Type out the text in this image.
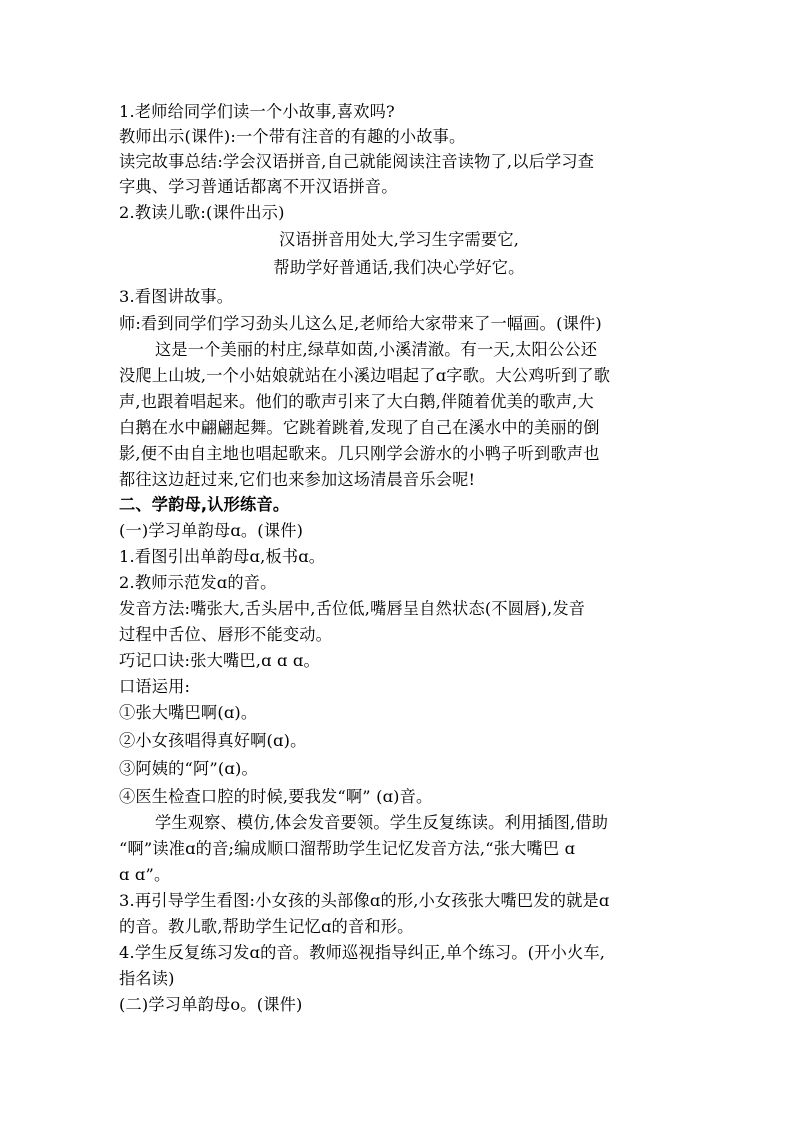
1.老师给同学们读一个小故事,喜欢吗?
教师出示(课件):一个带有注音的有趣的小故事。
读完故事总结:学会汉语拼音,自己就能阅读注音读物了,以后学习查
字典、学习普通话都离不开汉语拼音。
2.教读儿歌:(课件出示)
汉语拼音用处大,学习生字需要它,
帮助学好普通话,我们决心学好它。
3.看图讲故事。
师:看到同学们学习劲头儿这么足,老师给大家带来了一幅画。(课件)
这是一个美丽的村庄,绿草如茵,小溪清澈。有一天,太阳公公还
没爬上山坡,一个小姑娘就站在小溪边唱起了ɑ字歌。大公鸡听到了歌
声,也跟着唱起来。他们的歌声引来了大白鹅,伴随着优美的歌声,大
白鹅在水中翩翩起舞。它跳着跳着,发现了自己在溪水中的美丽的倒
影,便不由自主地也唱起歌来。几只刚学会游水的小鸭子听到歌声也
都往这边赶过来,它们也来参加这场清晨音乐会呢!
二、学韵母,认形练音。
(一)学习单韵母ɑ。(课件)
1.看图引出单韵母ɑ,板书ɑ。
2.教师示范发ɑ的音。
发音方法:嘴张大,舌头居中,舌位低,嘴唇呈自然状态(不圆唇),发音
过程中舌位、唇形不能变动。
巧记口诀:张大嘴巴,ɑ ɑ ɑ。
口语运用:
①张大嘴巴啊(ɑ)。
②小女孩唱得真好啊(ɑ)。
③阿姨的“阿”(ɑ)。
④医生检查口腔的时候,要我发“啊” (ɑ)音。
学生观察、模仿,体会发音要领。学生反复练读。利用插图,借助
“啊”读准ɑ的音;编成顺口溜帮助学生记忆发音方法,“张大嘴巴 ɑ
ɑ ɑ”。
3.再引导学生看图:小女孩的头部像ɑ的形,小女孩张大嘴巴发的就是ɑ
的音。教儿歌,帮助学生记忆ɑ的音和形。
4.学生反复练习发ɑ的音。教师巡视指导纠正,单个练习。(开小火车,
指名读)
(二)学习单韵母o。(课件)
